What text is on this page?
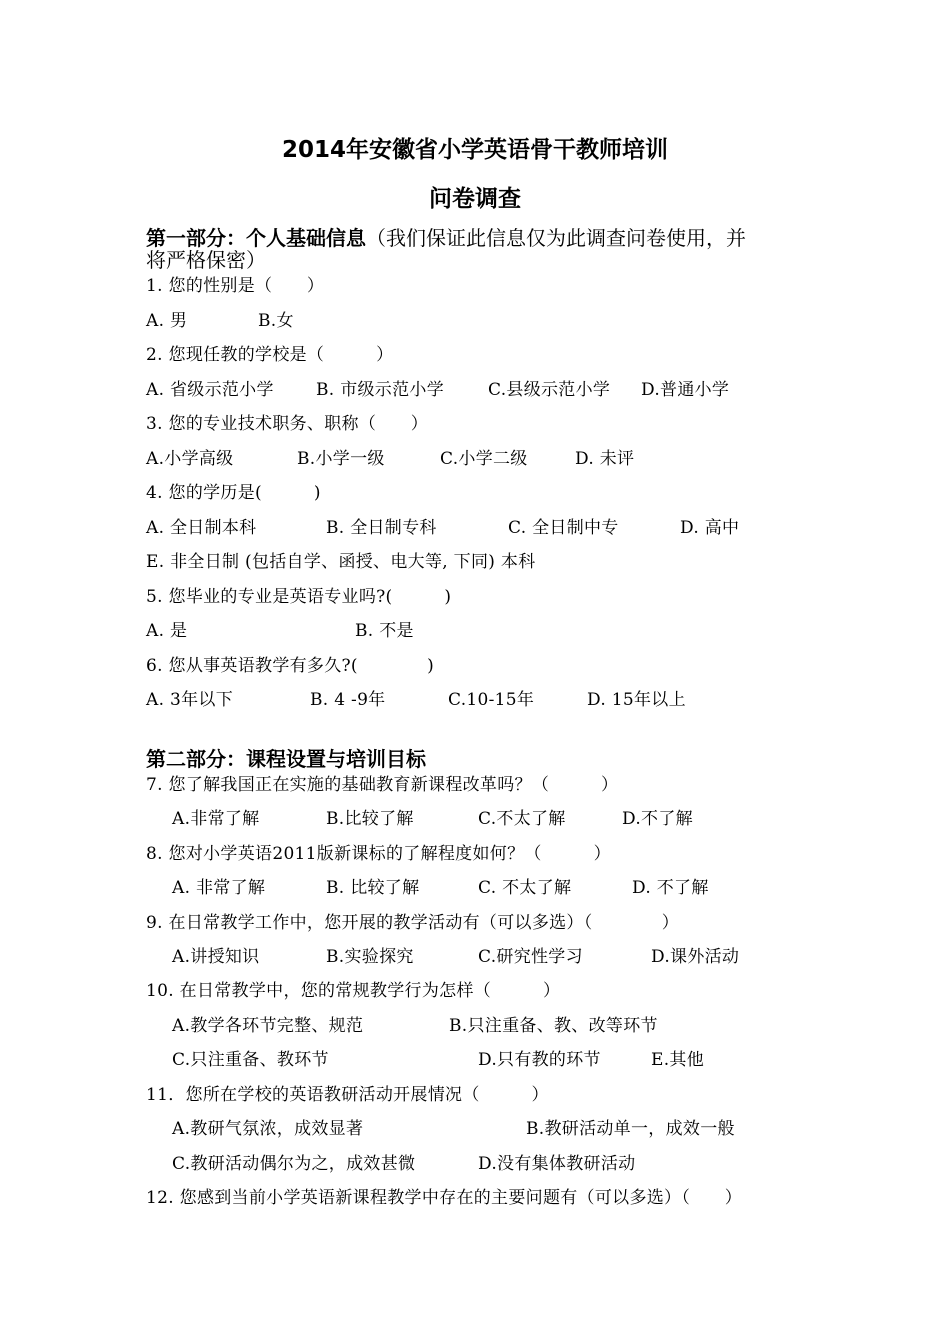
2014年安徽省小学英语骨干教师培训
问卷调查
第一部分：个人基础信息（我们保证此信息仅为此调查问卷使用，并
将严格保密）
1. 您的性别是（　　）
A. 男	B.女
2. 您现任教的学校是（　　　）
A. 省级示范小学 B. 市级示范小学	C.县级示范小学 D.普通小学
3. 您的专业技术职务、职称（　　）
A.小学高级	B.小学一级	C.小学二级	D. 未评
4. 您的学历是(　　　)
A. 全日制本科	B. 全日制专科	C. 全日制中专	D. 高中
E. 非全日制 (包括自学、函授、电大等, 下同) 本科
5. 您毕业的专业是英语专业吗?(　　　)
A. 是	B. 不是
6. 您从事英语教学有多久?(　　　　)
A. 3年以下	B. 4 -9年	C.10-15年	D. 15年以上
第二部分：课程设置与培训目标
7. 您了解我国正在实施的基础教育新课程改革吗？（　　　）
A.非常了解	B.比较了解	C.不太了解	D.不了解
8. 您对小学英语2011版新课标的了解程度如何？（　　　）
A. 非常了解	B. 比较了解	C. 不太了解	D. 不了解
9. 在日常教学工作中，您开展的教学活动有（可以多选）（　　　　）
A.讲授知识	B.实验探究	C.研究性学习	D.课外活动
10. 在日常教学中，您的常规教学行为怎样（　　　）
A.教学各环节完整、规范	B.只注重备、教、改等环节
C.只注重备、教环节	D.只有教的环节	E.其他
11．您所在学校的英语教研活动开展情况（　　　）
A.教研气氛浓，成效显著	B.教研活动单一，成效一般
C.教研活动偶尔为之，成效甚微	D.没有集体教研活动
12. 您感到当前小学英语新课程教学中存在的主要问题有（可以多选）（　　）
